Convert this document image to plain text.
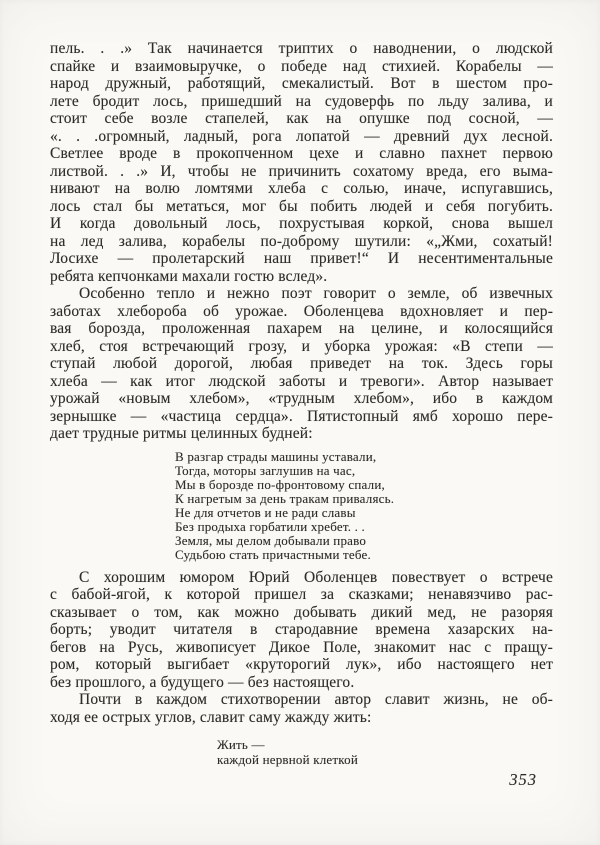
пель. . .» Так начинается триптих о наводнении, о людской
спайке и взаимовыручке, о победе над стихией. Корабелы —
народ дружный, работящий, смекалистый. Вот в шестом про-
лете бродит лось, пришедший на судоверфь по льду залива, и
стоит себе возле стапелей, как на опушке под сосной, —
«. . .огромный, ладный, рога лопатой — древний дух лесной.
Светлее вроде в прокопченном цехе и славно пахнет первою
листвой. . .» И, чтобы не причинить сохатому вреда, его выма-
нивают на волю ломтями хлеба с солью, иначе, испугавшись,
лось стал бы метаться, мог бы побить людей и себя погубить.
И когда довольный лось, похрустывая коркой, снова вышел
на лед залива, корабелы по-доброму шутили: «„Жми, сохатый!
Лосихе — пролетарский наш привет!“ И несентиментальные
ребята кепчонками махали гостю вслед».
Особенно тепло и нежно поэт говорит о земле, об извечных
заботах хлебороба об урожае. Оболенцева вдохновляет и пер-
вая борозда, проложенная пахарем на целине, и колосящийся
хлеб, стоя встречающий грозу, и уборка урожая: «В степи —
ступай любой дорогой, любая приведет на ток. Здесь горы
хлеба — как итог людской заботы и тревоги». Автор называет
урожай «новым хлебом», «трудным хлебом», ибо в каждом
зернышке — «частица сердца». Пятистопный ямб хорошо пере-
дает трудные ритмы целинных будней:
В разгар страды машины уставали,
Тогда, моторы заглушив на час,
Мы в борозде по-фронтовому спали,
К нагретым за день тракам привалясь.
Не для отчетов и не ради славы
Без продыха горбатили хребет. . .
Земля, мы делом добывали право
Судьбою стать причастными тебе.
С хорошим юмором Юрий Оболенцев повествует о встрече
с бабой-ягой, к которой пришел за сказками; ненавязчиво рас-
сказывает о том, как можно добывать дикий мед, не разоряя
борть; уводит читателя в стародавние времена хазарских на-
бегов на Русь, живописует Дикое Поле, знакомит нас с пращу-
ром, который выгибает «круторогий лук», ибо настоящего нет
без прошлого, а будущего — без настоящего.
Почти в каждом стихотворении автор славит жизнь, не об-
ходя ее острых углов, славит саму жажду жить:
Жить —
каждой нервной клеткой
353
